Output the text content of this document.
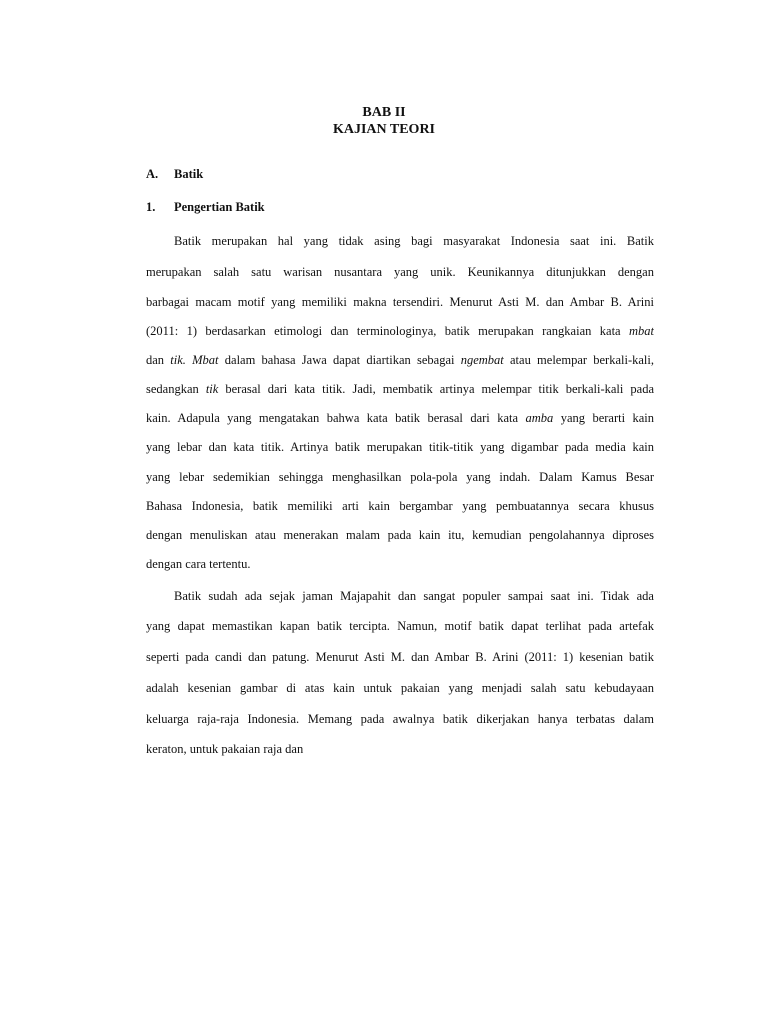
BAB II
KAJIAN TEORI
A. Batik
1. Pengertian Batik
Batik merupakan hal yang tidak asing bagi masyarakat Indonesia saat ini. Batik
merupakan salah satu warisan nusantara yang unik. Keunikannya ditunjukkan dengan
barbagai macam motif yang memiliki makna tersendiri. Menurut Asti M. dan Ambar B. Arini
(2011: 1) berdasarkan etimologi dan terminologinya, batik merupakan rangkaian kata mbat
dan tik. Mbat dalam bahasa Jawa dapat diartikan sebagai ngembat atau melempar berkali-kali,
sedangkan tik berasal dari kata titik. Jadi, membatik artinya melempar titik berkali-kali pada
kain. Adapula yang mengatakan bahwa kata batik berasal dari kata amba yang berarti kain
yang lebar dan kata titik. Artinya batik merupakan titik-titik yang digambar pada media kain
yang lebar sedemikian sehingga menghasilkan pola-pola yang indah. Dalam Kamus Besar
Bahasa Indonesia, batik memiliki arti kain bergambar yang pembuatannya secara khusus
dengan menuliskan atau menerakan malam pada kain itu, kemudian pengolahannya diproses
dengan cara tertentu.
Batik sudah ada sejak jaman Majapahit dan sangat populer sampai saat ini. Tidak ada
yang dapat memastikan kapan batik tercipta. Namun, motif batik dapat terlihat pada artefak
seperti pada candi dan patung. Menurut Asti M. dan Ambar B. Arini (2011: 1) kesenian batik
adalah kesenian gambar di atas kain untuk pakaian yang menjadi salah satu kebudayaan
keluarga raja-raja Indonesia. Memang pada awalnya batik dikerjakan hanya terbatas dalam
keraton, untuk pakaian raja dan
